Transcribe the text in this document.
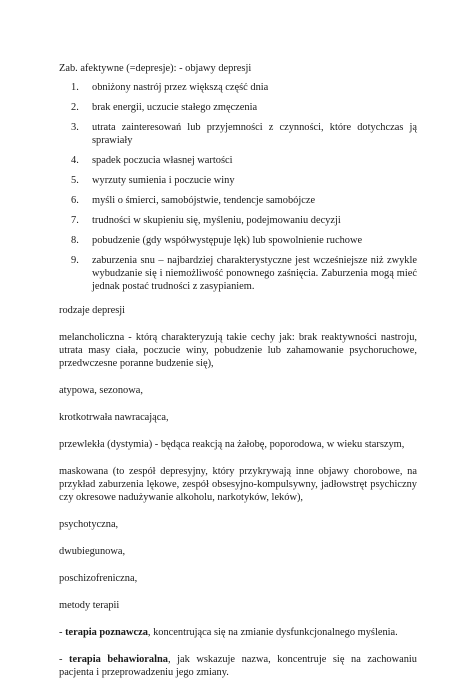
Zab. afektywne (=depresje): - objawy depresji

1. obniżony nastrój przez większą część dnia
2. brak energii, uczucie stałego zmęczenia
3. utrata zainteresowań lub przyjemności z czynności, które dotychczas ją sprawiały
4. spadek poczucia własnej wartości
5. wyrzuty sumienia i poczucie winy
6. myśli o śmierci, samobójstwie, tendencje samobójcze
7. trudności w skupieniu się, myśleniu, podejmowaniu decyzji
8. pobudzenie (gdy współwystępuje lęk) lub spowolnienie ruchowe
9. zaburzenia snu – najbardziej charakterystyczne jest wcześniejsze niż zwykle wybudzanie się i niemożliwość ponownego zaśnięcia. Zaburzenia mogą mieć jednak postać trudności z zasypianiem.

rodzaje depresji

melancholiczna - którą charakteryzują takie cechy jak: brak reaktywności nastroju, utrata masy ciała, poczucie winy, pobudzenie lub zahamowanie psychoruchowe, przedwczesne poranne budzenie się),

atypowa, sezonowa,

krotkotrwała nawracająca,

przewlekła (dystymia) - będąca reakcją na żałobę, poporodowa, w wieku starszym,

maskowana (to zespół depresyjny, który przykrywają inne objawy chorobowe, na przykład zaburzenia lękowe, zespół obsesyjno-kompulsywny, jadłowstręt psychiczny czy okresowe nadużywanie alkoholu, narkotyków, leków),

psychotyczna,

dwubiegunowa,

poschizofreniczna,

metody terapii

- terapia poznawcza, koncentrująca się na zmianie dysfunkcjonalnego myślenia.

- terapia behawioralna, jak wskazuje nazwa, koncentruje się na zachowaniu pacjenta i przeprowadzeniu jego zmiany.
